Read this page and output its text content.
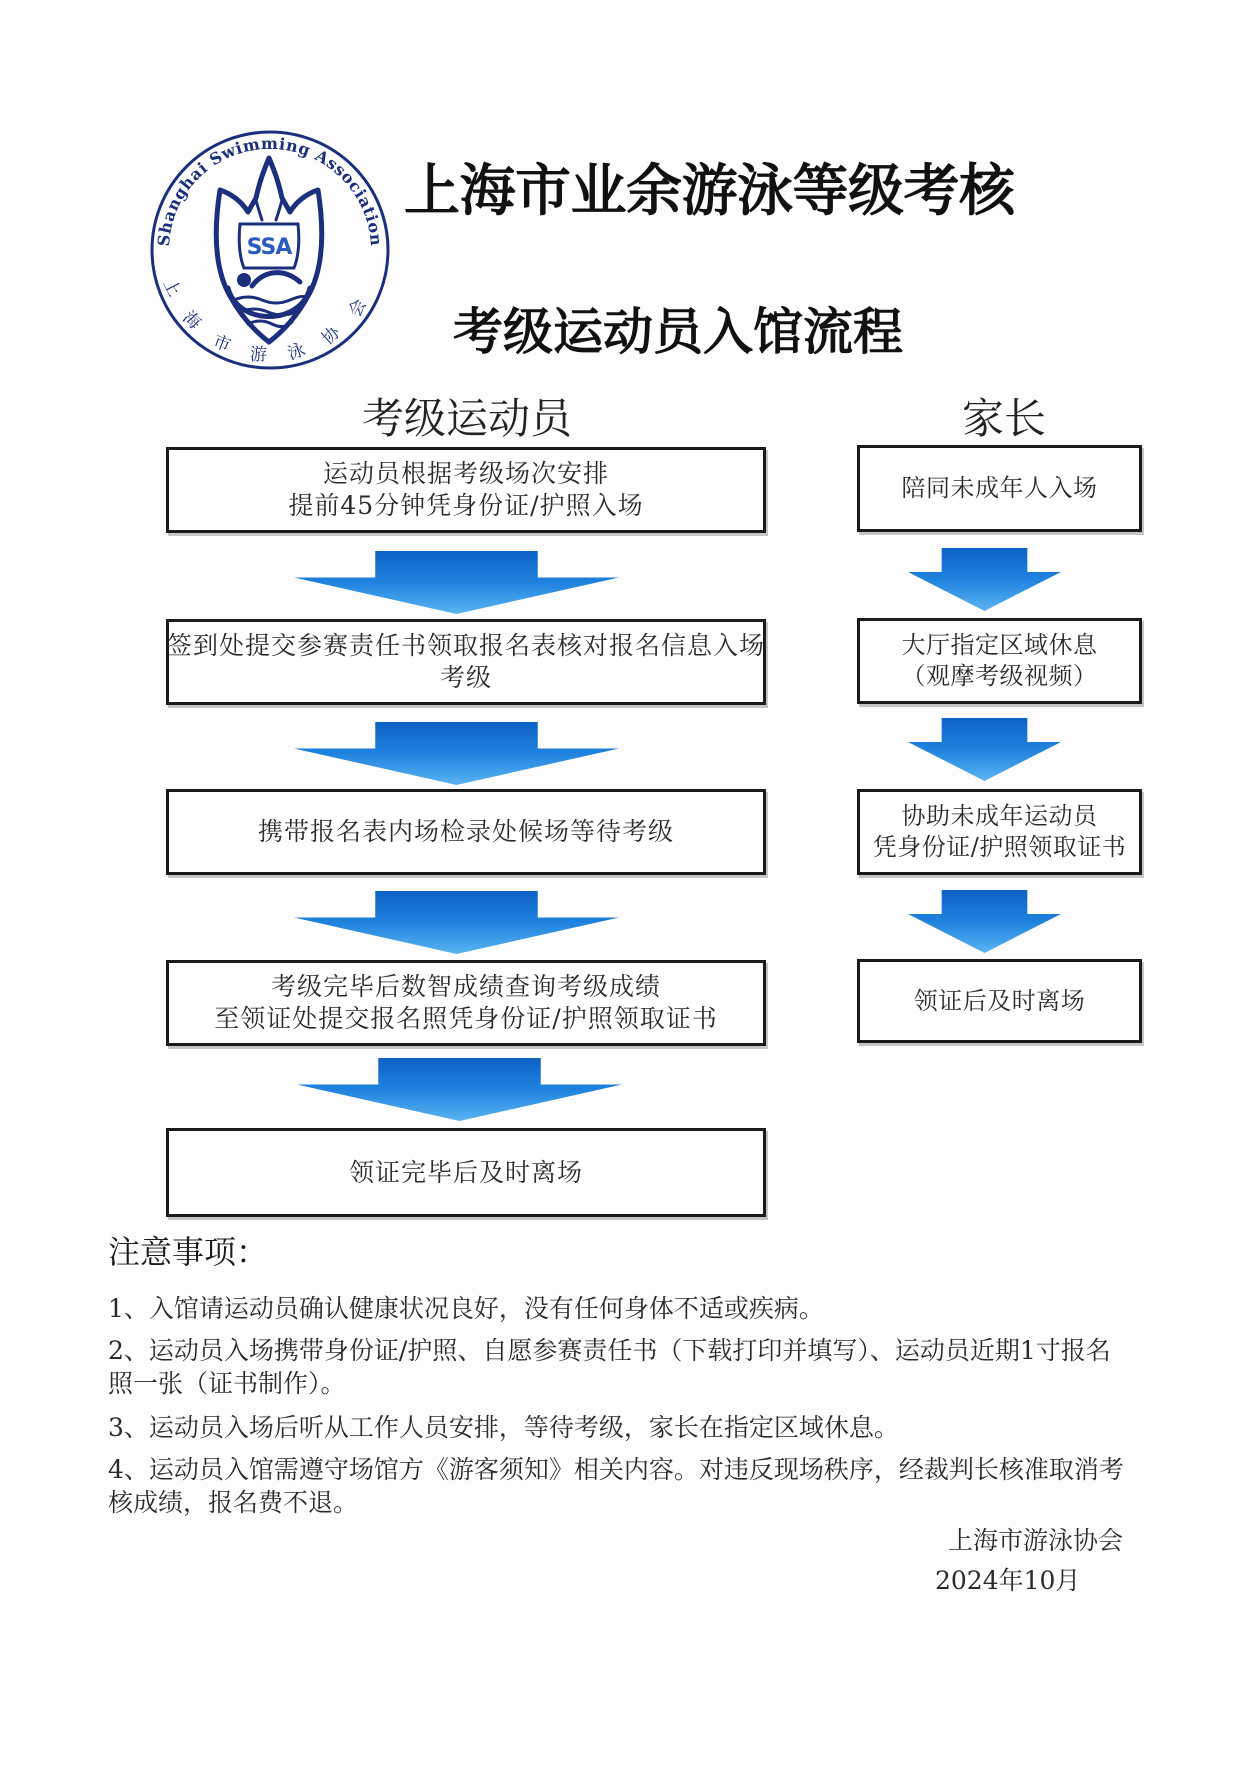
Shanghai Swimming Association
上海市游泳协会
SSA
上海市业余游泳等级考核
考级运动员入馆流程
考级运动员	家长
运动员根据考级场次安排
提前45分钟凭身份证/护照入场
签到处提交参赛责任书领取报名表核对报名信息入场
考级
携带报名表内场检录处候场等待考级
考级完毕后数智成绩查询考级成绩
至领证处提交报名照凭身份证/护照领取证书
领证完毕后及时离场
陪同未成年人入场
大厅指定区域休息
（观摩考级视频）
协助未成年运动员
凭身份证/护照领取证书
领证后及时离场
注意事项：
1、入馆请运动员确认健康状况良好，没有任何身体不适或疾病。
2、运动员入场携带身份证/护照、自愿参赛责任书（下载打印并填写）、运动员近期1寸报名
照一张（证书制作）。
3、运动员入场后听从工作人员安排，等待考级，家长在指定区域休息。
4、运动员入馆需遵守场馆方《游客须知》相关内容。对违反现场秩序，经裁判长核准取消考
核成绩，报名费不退。
上海市游泳协会
2024年10月
